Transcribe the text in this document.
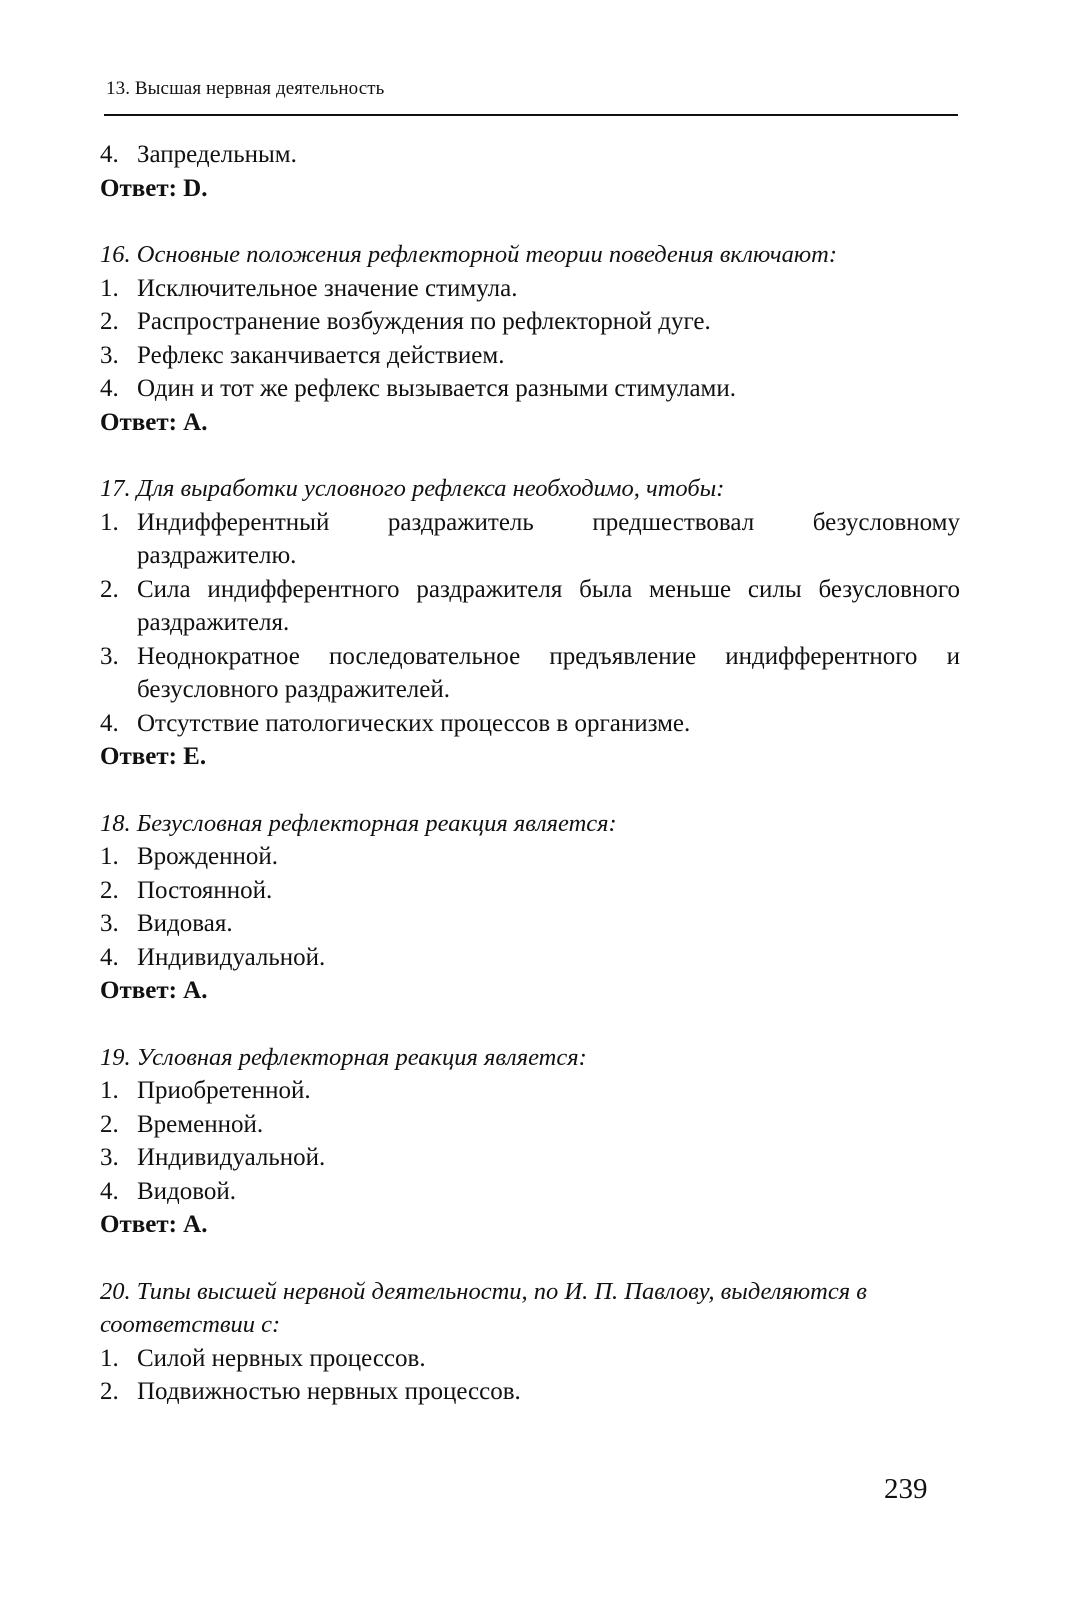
13. Высшая нервная деятельность
4. Запредельным.
Ответ: D.
16. Основные положения рефлекторной теории поведения включают:
1. Исключительное значение стимула.
2. Распространение возбуждения по рефлекторной дуге.
3. Рефлекс заканчивается действием.
4. Один и тот же рефлекс вызывается разными стимулами.
Ответ: А.
17. Для выработки условного рефлекса необходимо, чтобы:
1. Индифферентный раздражитель предшествовал безусловному раздражителю.
2. Сила индифферентного раздражителя была меньше силы безусловного раздражителя.
3. Неоднократное последовательное предъявление индифферентного и безусловного раздражителей.
4. Отсутствие патологических процессов в организме.
Ответ: Е.
18. Безусловная рефлекторная реакция является:
1. Врожденной.
2. Постоянной.
3. Видовая.
4. Индивидуальной.
Ответ: А.
19. Условная рефлекторная реакция является:
1. Приобретенной.
2. Временной.
3. Индивидуальной.
4. Видовой.
Ответ: А.
20. Типы высшей нервной деятельности, по И. П. Павлову, выделяются в соответствии с:
1. Силой нервных процессов.
2. Подвижностью нервных процессов.
239
